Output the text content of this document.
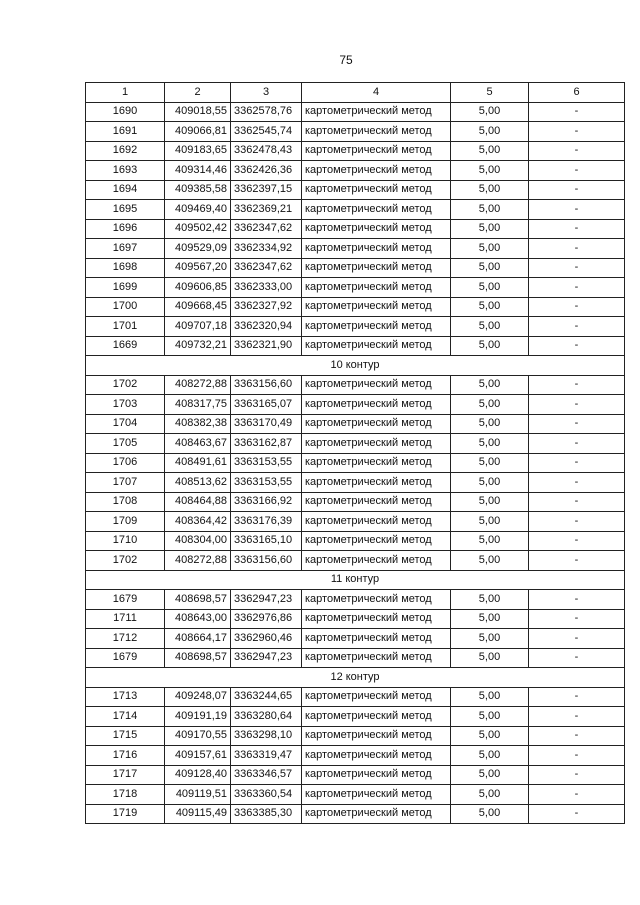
75
1	2	3	4	5	6
1690	409018,55	3362578,76	картометрический метод	5,00	-
1691	409066,81	3362545,74	картометрический метод	5,00	-
1692	409183,65	3362478,43	картометрический метод	5,00	-
1693	409314,46	3362426,36	картометрический метод	5,00	-
1694	409385,58	3362397,15	картометрический метод	5,00	-
1695	409469,40	3362369,21	картометрический метод	5,00	-
1696	409502,42	3362347,62	картометрический метод	5,00	-
1697	409529,09	3362334,92	картометрический метод	5,00	-
1698	409567,20	3362347,62	картометрический метод	5,00	-
1699	409606,85	3362333,00	картометрический метод	5,00	-
1700	409668,45	3362327,92	картометрический метод	5,00	-
1701	409707,18	3362320,94	картометрический метод	5,00	-
1669	409732,21	3362321,90	картометрический метод	5,00	-
10 контур					
1702	408272,88	3363156,60	картометрический метод	5,00	-
1703	408317,75	3363165,07	картометрический метод	5,00	-
1704	408382,38	3363170,49	картометрический метод	5,00	-
1705	408463,67	3363162,87	картометрический метод	5,00	-
1706	408491,61	3363153,55	картометрический метод	5,00	-
1707	408513,62	3363153,55	картометрический метод	5,00	-
1708	408464,88	3363166,92	картометрический метод	5,00	-
1709	408364,42	3363176,39	картометрический метод	5,00	-
1710	408304,00	3363165,10	картометрический метод	5,00	-
1702	408272,88	3363156,60	картометрический метод	5,00	-
11 контур					
1679	408698,57	3362947,23	картометрический метод	5,00	-
1711	408643,00	3362976,86	картометрический метод	5,00	-
1712	408664,17	3362960,46	картометрический метод	5,00	-
1679	408698,57	3362947,23	картометрический метод	5,00	-
12 контур					
1713	409248,07	3363244,65	картометрический метод	5,00	-
1714	409191,19	3363280,64	картометрический метод	5,00	-
1715	409170,55	3363298,10	картометрический метод	5,00	-
1716	409157,61	3363319,47	картометрический метод	5,00	-
1717	409128,40	3363346,57	картометрический метод	5,00	-
1718	409119,51	3363360,54	картометрический метод	5,00	-
1719	409115,49	3363385,30	картометрический метод	5,00	-
